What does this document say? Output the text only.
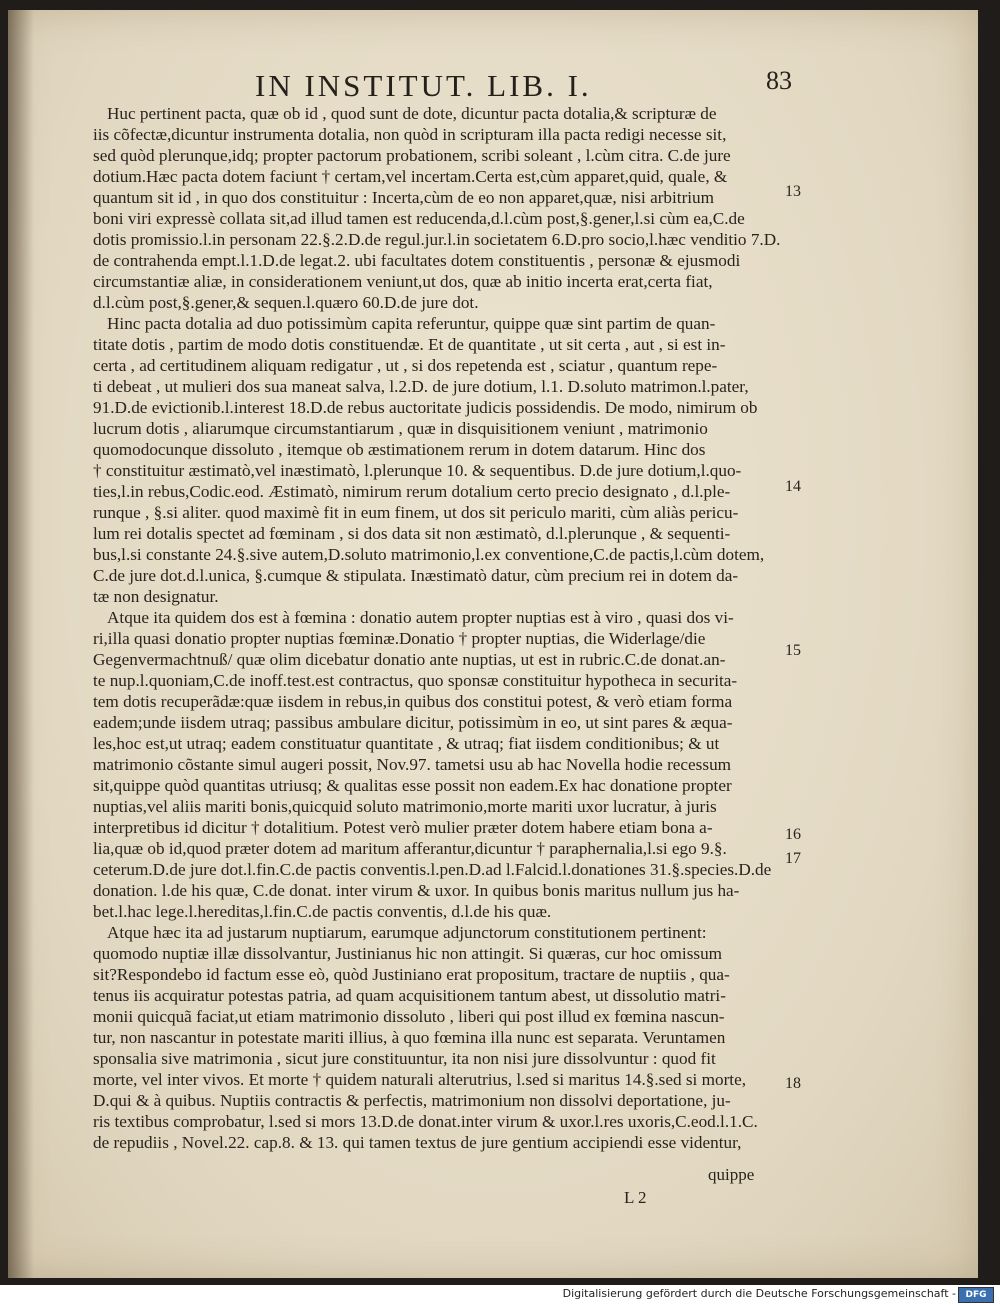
IN INSTITUT. LIB. I.	83
Huc pertinent pacta, quæ ob id , quod sunt de dote, dicuntur pacta dotalia,& scripturæ de
iis cõfectæ,dicuntur instrumenta dotalia, non quòd in scripturam illa pacta redigi necesse sit,
sed quòd plerunque,idq; propter pactorum probationem, scribi soleant , l.cùm citra. C.de jure
dotium.Hæc pacta dotem faciunt † certam,vel incertam.Certa est,cùm apparet,quid, quale, &
quantum sit id , in quo dos constituitur : Incerta,cùm de eo non apparet,quæ, nisi arbitrium
boni viri expressè collata sit,ad illud tamen est reducenda,d.l.cùm post,§.gener,l.si cùm ea,C.de
dotis promissio.l.in personam 22.§.2.D.de regul.jur.l.in societatem 6.D.pro socio,l.hæc venditio 7.D.
de contrahenda empt.l.1.D.de legat.2. ubi facultates dotem constituentis , personæ & ejusmodi
circumstantiæ aliæ, in considerationem veniunt,ut dos, quæ ab initio incerta erat,certa fiat,
d.l.cùm post,§.gener,& sequen.l.quæro 60.D.de jure dot.
Hinc pacta dotalia ad duo potissimùm capita referuntur, quippe quæ sint partim de quan-
titate dotis , partim de modo dotis constituendæ. Et de quantitate , ut sit certa , aut , si est in-
certa , ad certitudinem aliquam redigatur , ut , si dos repetenda est , sciatur , quantum repe-
ti debeat , ut mulieri dos sua maneat salva, l.2.D. de jure dotium, l.1. D.soluto matrimon.l.pater,
91.D.de evictionib.l.interest 18.D.de rebus auctoritate judicis possidendis. De modo, nimirum ob
lucrum dotis , aliarumque circumstantiarum , quæ in disquisitionem veniunt , matrimonio
quomodocunque dissoluto , itemque ob æstimationem rerum in dotem datarum. Hinc dos
† constituitur æstimatò,vel inæstimatò, l.plerunque 10. & sequentibus. D.de jure dotium,l.quo-
ties,l.in rebus,Codic.eod. Æstimatò, nimirum rerum dotalium certo precio designato , d.l.ple-
runque , §.si aliter. quod maximè fit in eum finem, ut dos sit periculo mariti, cùm aliàs pericu-
lum rei dotalis spectet ad fœminam , si dos data sit non æstimatò, d.l.plerunque , & sequenti-
bus,l.si constante 24.§.sive autem,D.soluto matrimonio,l.ex conventione,C.de pactis,l.cùm dotem,
C.de jure dot.d.l.unica, §.cumque & stipulata. Inæstimatò datur, cùm precium rei in dotem da-
tæ non designatur.
Atque ita quidem dos est à fœmina : donatio autem propter nuptias est à viro , quasi dos vi-
ri,illa quasi donatio propter nuptias fœminæ.Donatio † propter nuptias, die Widerlage/die
Gegenvermachtnuß/ quæ olim dicebatur donatio ante nuptias, ut est in rubric.C.de donat.an-
te nup.l.quoniam,C.de inoff.test.est contractus, quo sponsæ constituitur hypotheca in securita-
tem dotis recuperãdæ:quæ iisdem in rebus,in quibus dos constitui potest, & verò etiam forma
eadem;unde iisdem utraq; passibus ambulare dicitur, potissimùm in eo, ut sint pares & æqua-
les,hoc est,ut utraq; eadem constituatur quantitate , & utraq; fiat iisdem conditionibus; & ut
matrimonio cõstante simul augeri possit, Nov.97. tametsi usu ab hac Novella hodie recessum
sit,quippe quòd quantitas utriusq; & qualitas esse possit non eadem.Ex hac donatione propter
nuptias,vel aliis mariti bonis,quicquid soluto matrimonio,morte mariti uxor lucratur, à juris
interpretibus id dicitur † dotalitium. Potest verò mulier præter dotem habere etiam bona a-
lia,quæ ob id,quod præter dotem ad maritum afferantur,dicuntur † paraphernalia,l.si ego 9.§.
ceterum.D.de jure dot.l.fin.C.de pactis conventis.l.pen.D.ad l.Falcid.l.donationes 31.§.species.D.de
donation. l.de his quæ, C.de donat. inter virum & uxor. In quibus bonis maritus nullum jus ha-
bet.l.hac lege.l.hereditas,l.fin.C.de pactis conventis, d.l.de his quæ.
Atque hæc ita ad justarum nuptiarum, earumque adjunctorum constitutionem pertinent:
quomodo nuptiæ illæ dissolvantur, Justinianus hic non attingit. Si quæras, cur hoc omissum
sit?Respondebo id factum esse eò, quòd Justiniano erat propositum, tractare de nuptiis , qua-
tenus iis acquiratur potestas patria, ad quam acquisitionem tantum abest, ut dissolutio matri-
monii quicquã faciat,ut etiam matrimonio dissoluto , liberi qui post illud ex fœmina nascun-
tur, non nascantur in potestate mariti illius, à quo fœmina illa nunc est separata. Veruntamen
sponsalia sive matrimonia , sicut jure constituuntur, ita non nisi jure dissolvuntur : quod fit
morte, vel inter vivos. Et morte † quidem naturali alterutrius, l.sed si maritus 14.§.sed si morte,
D.qui & à quibus. Nuptiis contractis & perfectis, matrimonium non dissolvi deportatione, ju-
ris textibus comprobatur, l.sed si mors 13.D.de donat.inter virum & uxor.l.res uxoris,C.eod.l.1.C.
de repudiis , Novel.22. cap.8. & 13. qui tamen textus de jure gentium accipiendi esse videntur,
13
14
15
16
17
18
L 2
quippe
Digitalisierung gefördert durch die Deutsche Forschungsgemeinschaft -	DFG
